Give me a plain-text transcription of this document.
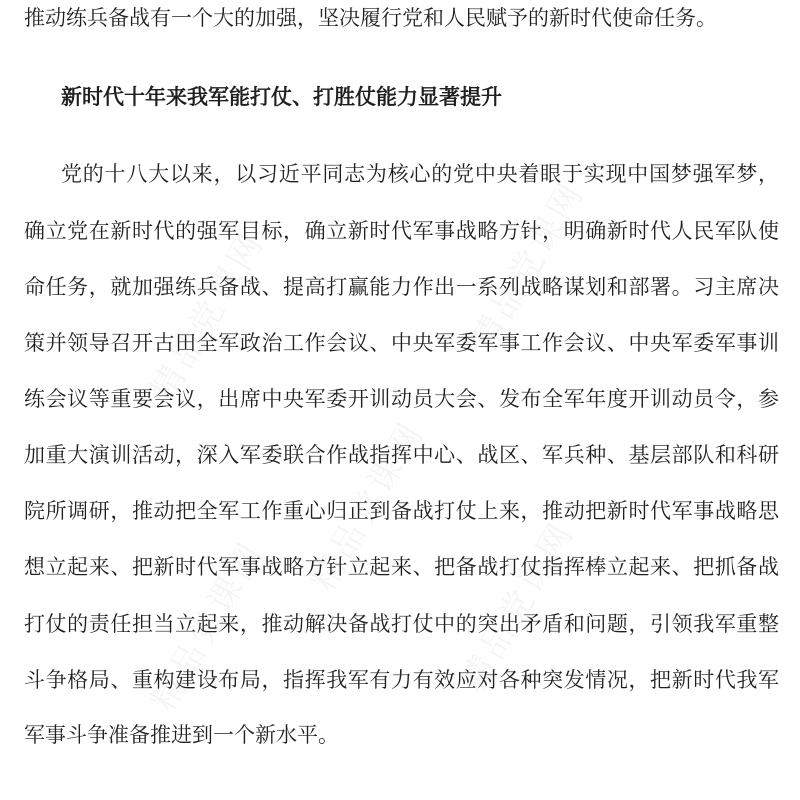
推动练兵备战有一个大的加强，坚决履行党和人民赋予的新时代使命任务。
新时代十年来我军能打仗、打胜仗能力显著提升
党的十八大以来，以习近平同志为核心的党中央着眼于实现中国梦强军梦，
确立党在新时代的强军目标，确立新时代军事战略方针，明确新时代人民军队使
命任务，就加强练兵备战、提高打赢能力作出一系列战略谋划和部署。习主席决
策并领导召开古田全军政治工作会议、中央军委军事工作会议、中央军委军事训
练会议等重要会议，出席中央军委开训动员大会、发布全军年度开训动员令，参
加重大演训活动，深入军委联合作战指挥中心、战区、军兵种、基层部队和科研
院所调研，推动把全军工作重心归正到备战打仗上来，推动把新时代军事战略思
想立起来、把新时代军事战略方针立起来、把备战打仗指挥棒立起来、把抓备战
打仗的责任担当立起来，推动解决备战打仗中的突出矛盾和问题，引领我军重整
斗争格局、重构建设布局，指挥我军有力有效应对各种突发情况，把新时代我军
军事斗争准备推进到一个新水平。
